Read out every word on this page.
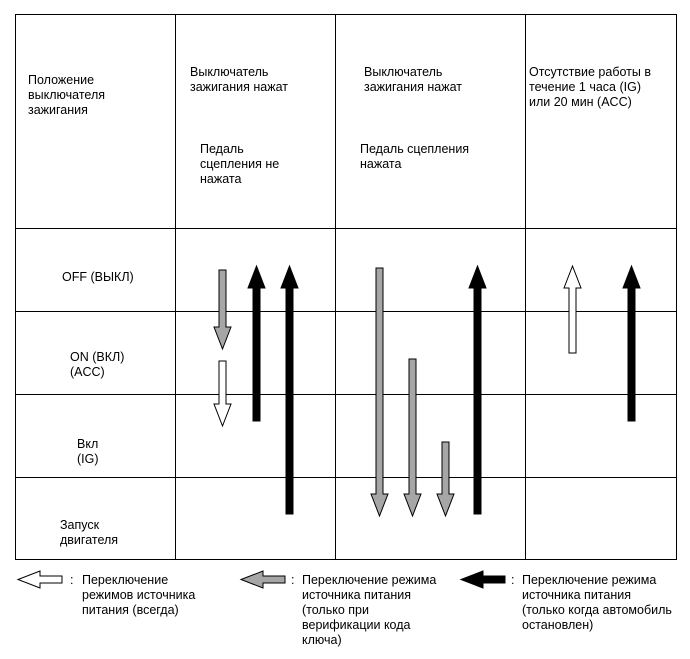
Положение
выключателя
зажигания
Выключатель
зажигания нажат
Педаль
сцепления не
нажата
Выключатель
зажигания нажат
Педаль сцепления
нажата
Отсутствие работы в
течение 1 часа (IG)
или 20 мин (ACC)
OFF (ВЫКЛ)
ON (ВКЛ)
(ACC)
Вкл
(IG)
Запуск
двигателя
: Переключение
режимов источника
питания (всегда)
: Переключение режима
источника питания
(только при
верификации кода
ключа)
: Переключение режима
источника питания
(только когда автомобиль
остановлен)
